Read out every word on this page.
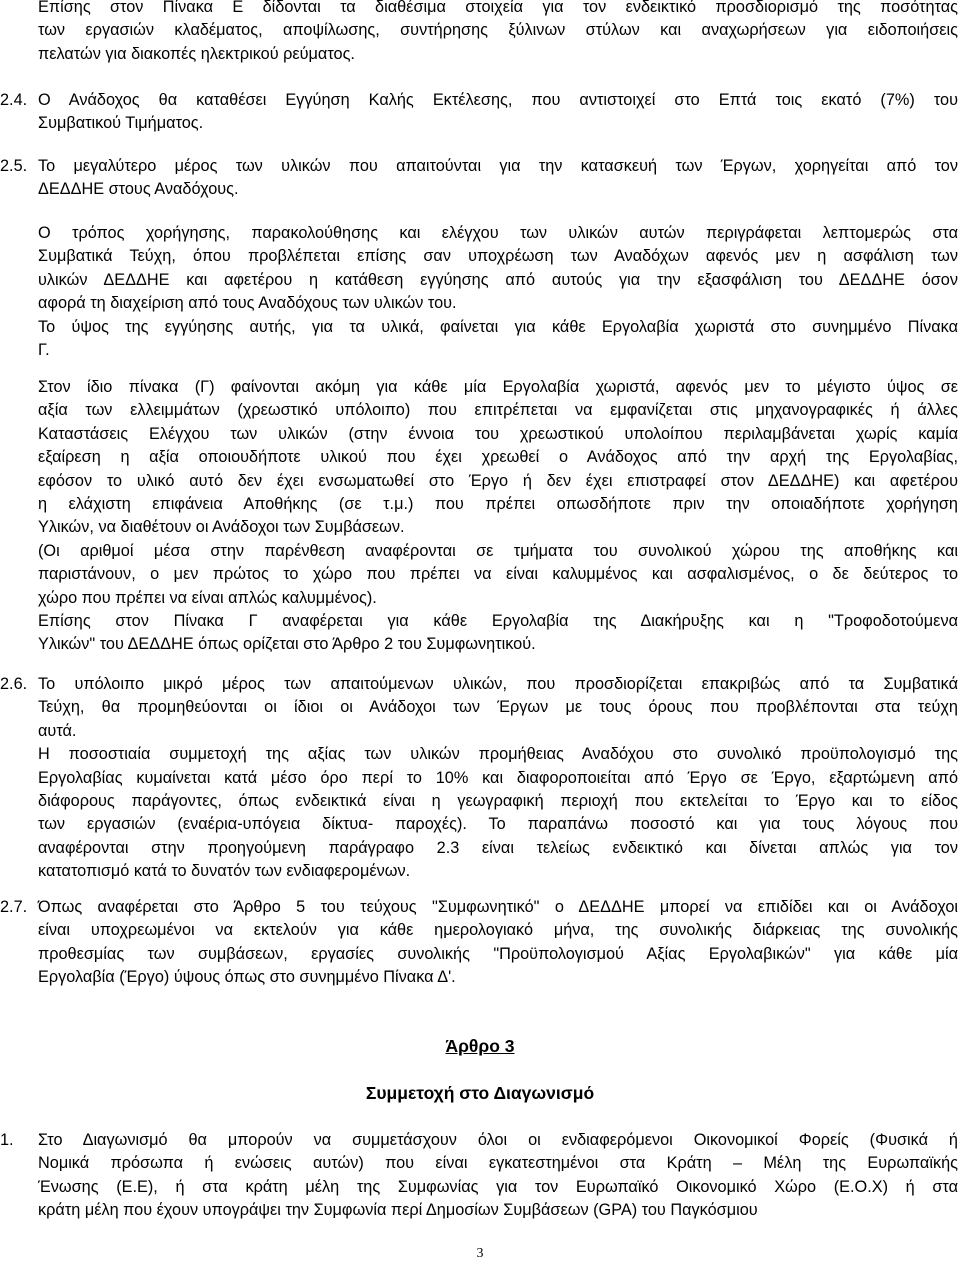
Επίσης στον Πίνακα Ε δίδονται τα διαθέσιμα στοιχεία για τον ενδεικτικό προσδιορισμό της ποσότητας
των εργασιών κλαδέματος, αποψίλωσης, συντήρησης ξύλινων στύλων και αναχωρήσεων για ειδοποιήσεις
πελατών για διακοπές ηλεκτρικού ρεύματος.
2.4. Ο Ανάδοχος θα καταθέσει Εγγύηση Καλής Εκτέλεσης, που αντιστοιχεί στο Επτά τοις εκατό (7%) του
Συμβατικού Τιμήματος.
2.5. Το μεγαλύτερο μέρος των υλικών που απαιτούνται για την κατασκευή των Έργων, χορηγείται από τον
ΔΕΔΔΗΕ στους Αναδόχους.
Ο τρόπος χορήγησης, παρακολούθησης και ελέγχου των υλικών αυτών περιγράφεται λεπτομερώς στα
Συμβατικά Τεύχη, όπου προβλέπεται επίσης σαν υποχρέωση των Αναδόχων αφενός μεν η ασφάλιση των
υλικών ΔΕΔΔΗΕ και αφετέρου η κατάθεση εγγύησης από αυτούς για την εξασφάλιση του ΔΕΔΔΗΕ όσον
αφορά τη διαχείριση από τους Αναδόχους των υλικών του.
Το ύψος της εγγύησης αυτής, για τα υλικά, φαίνεται για κάθε Εργολαβία χωριστά στο συνημμένο Πίνακα
Γ.
Στον ίδιο πίνακα (Γ) φαίνονται ακόμη για κάθε μία Εργολαβία χωριστά, αφενός μεν το μέγιστο ύψος σε
αξία των ελλειμμάτων (χρεωστικό υπόλοιπο) που επιτρέπεται να εμφανίζεται στις μηχανογραφικές ή άλλες
Καταστάσεις Ελέγχου των υλικών (στην έννοια του χρεωστικού υπολοίπου περιλαμβάνεται χωρίς καμία
εξαίρεση η αξία οποιουδήποτε υλικού που έχει χρεωθεί ο Ανάδοχος από την αρχή της Εργολαβίας,
εφόσον το υλικό αυτό δεν έχει ενσωματωθεί στο Έργο ή δεν έχει επιστραφεί στον ΔΕΔΔΗΕ) και αφετέρου
η ελάχιστη επιφάνεια Αποθήκης (σε τ.μ.) που πρέπει οπωσδήποτε πριν την οποιαδήποτε χορήγηση
Υλικών, να διαθέτουν οι Ανάδοχοι των Συμβάσεων.
(Οι αριθμοί μέσα στην παρένθεση αναφέρονται σε τμήματα του συνολικού χώρου της αποθήκης και
παριστάνουν, ο μεν πρώτος το χώρο που πρέπει να είναι καλυμμένος και ασφαλισμένος, ο δε δεύτερος το
χώρο που πρέπει να είναι απλώς καλυμμένος).
Επίσης στον Πίνακα Γ αναφέρεται για κάθε Εργολαβία της Διακήρυξης και η "Τροφοδοτούμενα
Υλικών" του ΔΕΔΔΗΕ όπως ορίζεται στο Άρθρο 2 του Συμφωνητικού.
2.6. Το υπόλοιπο μικρό μέρος των απαιτούμενων υλικών, που προσδιορίζεται επακριβώς από τα Συμβατικά
Τεύχη, θα προμηθεύονται οι ίδιοι οι Ανάδοχοι των Έργων με τους όρους που προβλέπονται στα τεύχη
αυτά.
Η ποσοστιαία συμμετοχή της αξίας των υλικών προμήθειας Αναδόχου στο συνολικό προϋπολογισμό της
Εργολαβίας κυμαίνεται κατά μέσο όρο περί το 10% και διαφοροποιείται από Έργο σε Έργο, εξαρτώμενη από
διάφορους παράγοντες, όπως ενδεικτικά είναι η γεωγραφική περιοχή που εκτελείται το Έργο και το είδος
των εργασιών (εναέρια-υπόγεια δίκτυα- παροχές). Το παραπάνω ποσοστό και για τους λόγους που
αναφέρονται στην προηγούμενη παράγραφο 2.3 είναι τελείως ενδεικτικό και δίνεται απλώς για τον
κατατοπισμό κατά το δυνατόν των ενδιαφερομένων.
2.7. Όπως αναφέρεται στο Άρθρο 5 του τεύχους "Συμφωνητικό" ο ΔΕΔΔΗΕ μπορεί να επιδίδει και οι Ανάδοχοι
είναι υποχρεωμένοι να εκτελούν για κάθε ημερολογιακό μήνα, της συνολικής διάρκειας της συνολικής
προθεσμίας των συμβάσεων, εργασίες συνολικής "Προϋπολογισμού Αξίας Εργολαβικών" για κάθε μία
Εργολαβία (Έργο) ύψους όπως στο συνημμένο Πίνακα Δ'.
Άρθρο 3
Συμμετοχή στο Διαγωνισμό
1. Στο Διαγωνισμό θα μπορούν να συμμετάσχουν όλοι οι ενδιαφερόμενοι Οικονομικοί Φορείς (Φυσικά ή
Νομικά πρόσωπα ή ενώσεις αυτών) που είναι εγκατεστημένοι στα Κράτη – Μέλη της Ευρωπαϊκής
Ένωσης (Ε.Ε), ή στα κράτη μέλη της Συμφωνίας για τον Ευρωπαϊκό Οικονομικό Χώρο (Ε.Ο.Χ) ή στα
κράτη μέλη που έχουν υπογράψει την Συμφωνία περί Δημοσίων Συμβάσεων (GPA) του Παγκόσμιου
3
